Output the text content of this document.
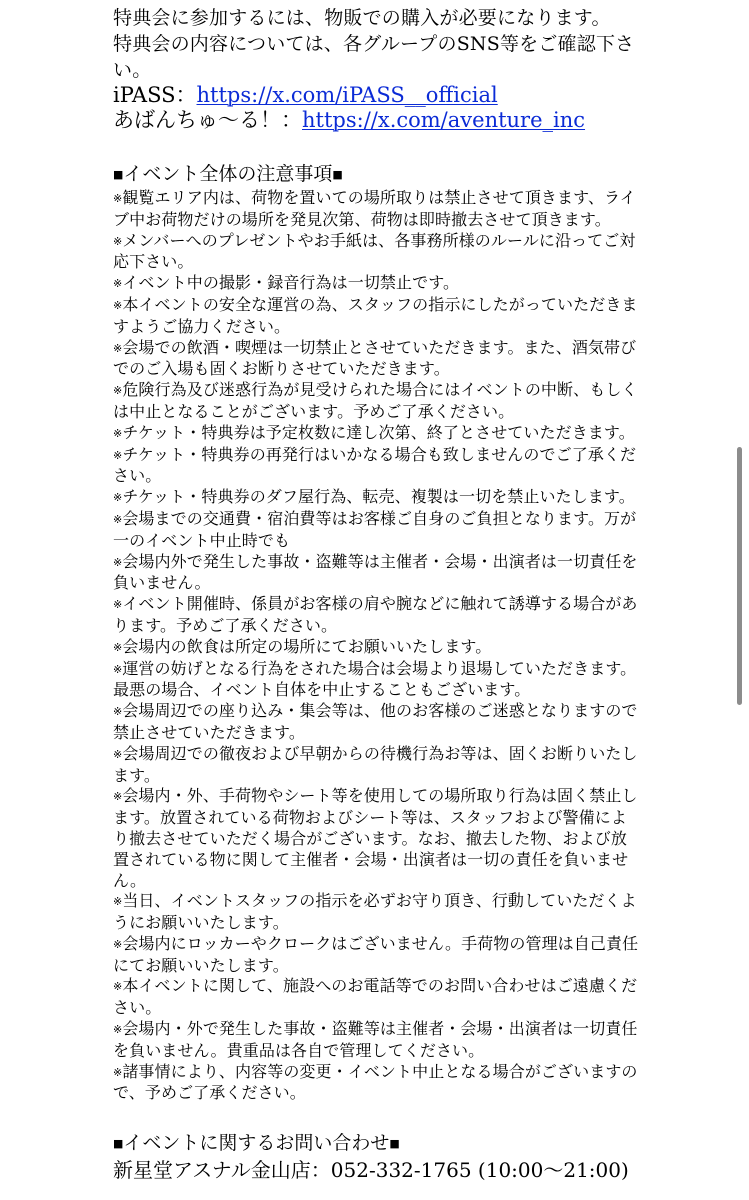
特典会に参加するには、物販での購入が必要になります。

特典会の内容については、各グループのSNS等をご確認下さい。

iPASS：https://x.com/iPASS__official

あばんちゅ〜る！：https://x.com/aventure_inc

■イベント全体の注意事項■

※観覧エリア内は、荷物を置いての場所取りは禁止させて頂きます、ライブ中お荷物だけの場所を発見次第、荷物は即時撤去させて頂きます。

※メンバーへのプレゼントやお手紙は、各事務所様のルールに沿ってご対応下さい。

※イベント中の撮影・録音行為は一切禁止です。

※本イベントの安全な運営の為、スタッフの指示にしたがっていただきますようご協力ください。

※会場での飲酒・喫煙は一切禁止とさせていただきます。また、酒気帯びでのご入場も固くお断りさせていただきます。

※危険行為及び迷惑行為が見受けられた場合にはイベントの中断、もしくは中止となることがございます。予めご了承ください。

※チケット・特典券は予定枚数に達し次第、終了とさせていただきます。

※チケット・特典券の再発行はいかなる場合も致しませんのでご了承ください。

※チケット・特典券のダフ屋行為、転売、複製は一切を禁止いたします。

※会場までの交通費・宿泊費等はお客様ご自身のご負担となります。万が一のイベント中止時でも

※会場内外で発生した事故・盗難等は主催者・会場・出演者は一切責任を負いません。

※イベント開催時、係員がお客様の肩や腕などに触れて誘導する場合があります。予めご了承ください。

※会場内の飲食は所定の場所にてお願いいたします。

※運営の妨げとなる行為をされた場合は会場より退場していただきます。最悪の場合、イベント自体を中止することもございます。

※会場周辺での座り込み・集会等は、他のお客様のご迷惑となりますので禁止させていただきます。

※会場周辺での徹夜および早朝からの待機行為お等は、固くお断りいたします。

※会場内・外、手荷物やシート等を使用しての場所取り行為は固く禁止します。放置されている荷物およびシート等は、スタッフおよび警備により撤去させていただく場合がございます。なお、撤去した物、および放置されている物に関して主催者・会場・出演者は一切の責任を負いません。

※当日、イベントスタッフの指示を必ずお守り頂き、行動していただくようにお願いいたします。

※会場内にロッカーやクロークはございません。手荷物の管理は自己責任にてお願いいたします。

※本イベントに関して、施設へのお電話等でのお問い合わせはご遠慮ください。

※会場内・外で発生した事故・盗難等は主催者・会場・出演者は一切責任を負いません。貴重品は各自で管理してください。

※諸事情により、内容等の変更・イベント中止となる場合がございますので、予めご了承ください。

■イベントに関するお問い合わせ■

新星堂アスナル金山店：052-332-1765 (10:00〜21:00)
